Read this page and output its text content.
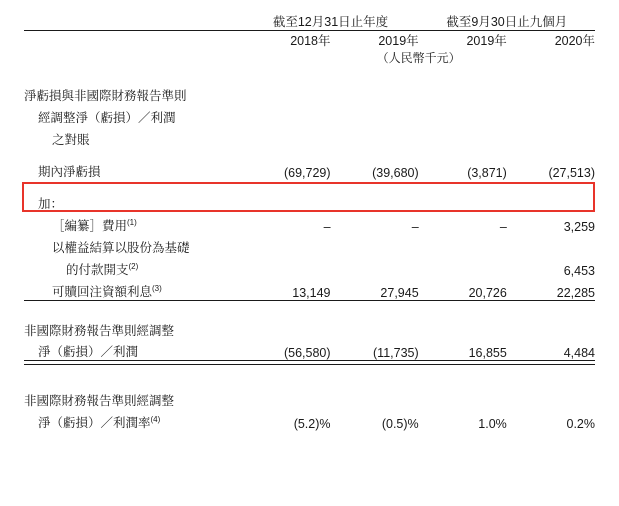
	截至12月31日止年度		截至9月30日止九個月	

	2018年	2019年	2019年	2020年
	（人民幣千元）			

淨虧損與非國際財務報告準則				
經調整淨（虧損）／利潤				
之對賬				

期內淨虧損	(69,729)	(39,680)	(3,871)	(27,513)

加：				
［編纂］費用$^{(1)}$	–	–	–	3,259
以權益結算以股份為基礎				
的付款開支$^{(2)}$				6,453
可贖回注資額利息$^{(3)}$	13,149	27,945	20,726	22,285

非國際財務報告準則經調整				
淨（虧損）／利潤	(56,580)	(11,735)	16,855	4,484

非國際財務報告準則經調整				
淨（虧損）／利潤率$^{(4)}$	(5.2)%	(0.5)%	1.0%	0.2%
